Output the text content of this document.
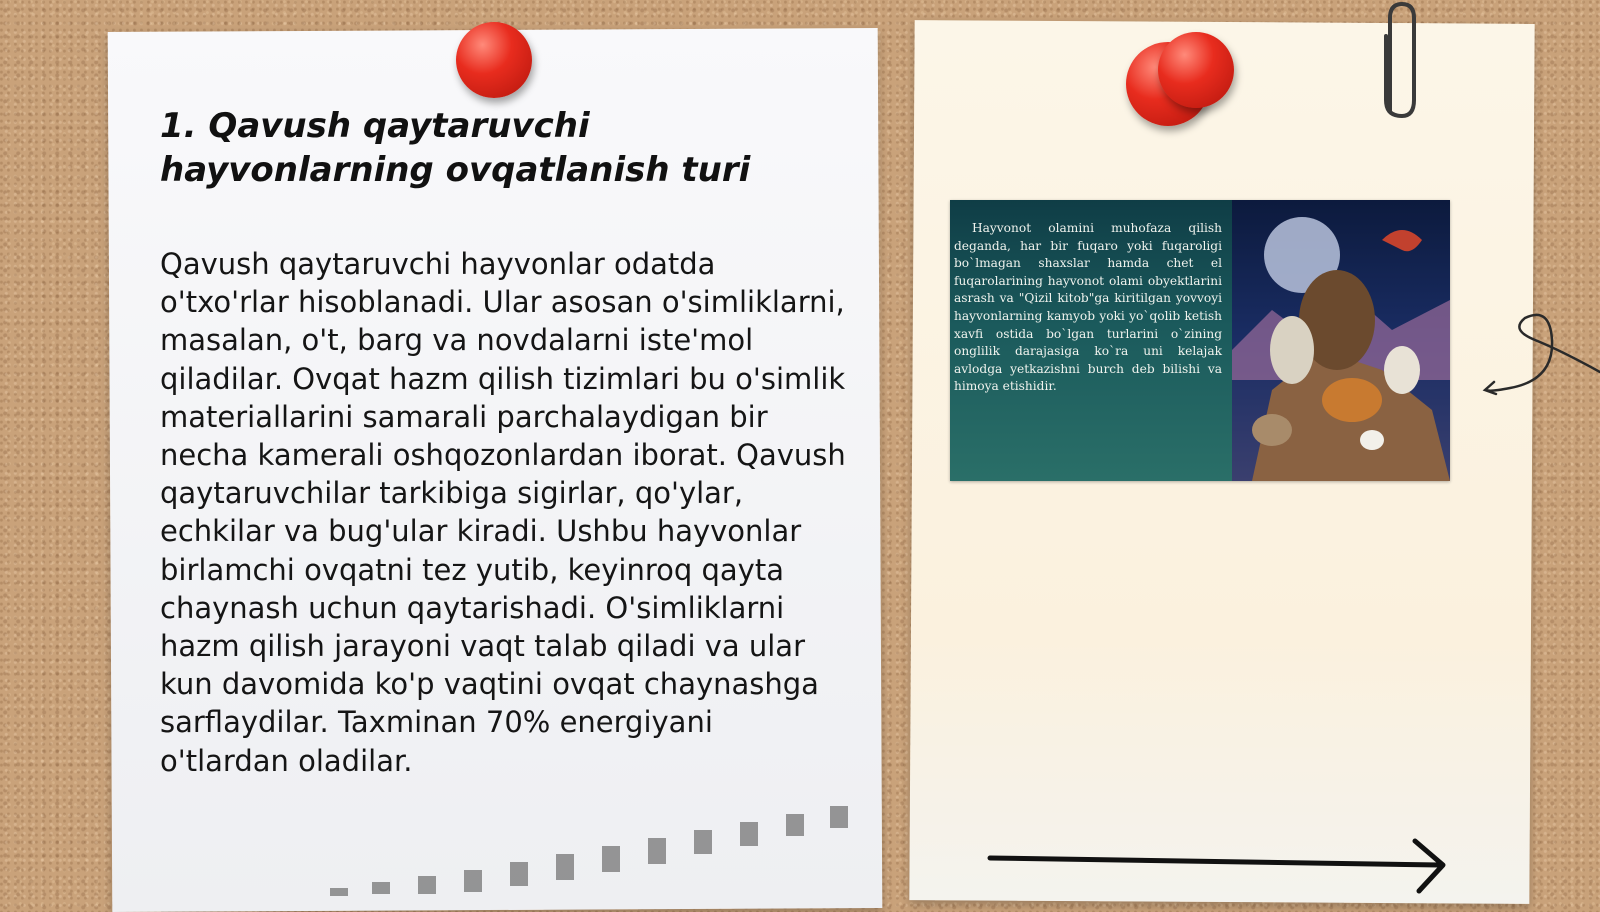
1. Qavush qaytaruvchi hayvonlarning ovqatlanish turi

Qavush qaytaruvchi hayvonlar odatda o'txo'rlar hisoblanadi. Ular asosan o'simliklarni, masalan, o't, barg va novdalarni iste'mol qiladilar. Ovqat hazm qilish tizimlari bu o'simlik materiallarini samarali parchalaydigan bir necha kamerali oshqozonlardan iborat. Qavush qaytaruvchilar tarkibiga sigirlar, qo'ylar, echkilar va bug'ular kiradi. Ushbu hayvonlar birlamchi ovqatni tez yutib, keyinroq qayta chaynash uchun qaytarishadi. O'simliklarni hazm qilish jarayoni vaqt talab qiladi va ular kun davomida ko'p vaqtini ovqat chaynashga sarflaydilar. Taxminan 70% energiyani o'tlardan oladilar.

Hayvonot olamini muhofaza qilish deganda, har bir fuqaro yoki fuqaroligi bo`lmagan shaxslar hamda chet el fuqarolarining hayvonot olami obyektlarini asrash va "Qizil kitob"ga kiritilgan yovvoyi hayvonlarning kamyob yoki yo`qolib ketish xavfi ostida bo`lgan turlarini o`zining onglilik darajasiga ko`ra uni kelajak avlodga yetkazishni burch deb bilishi va himoya etishidir.
